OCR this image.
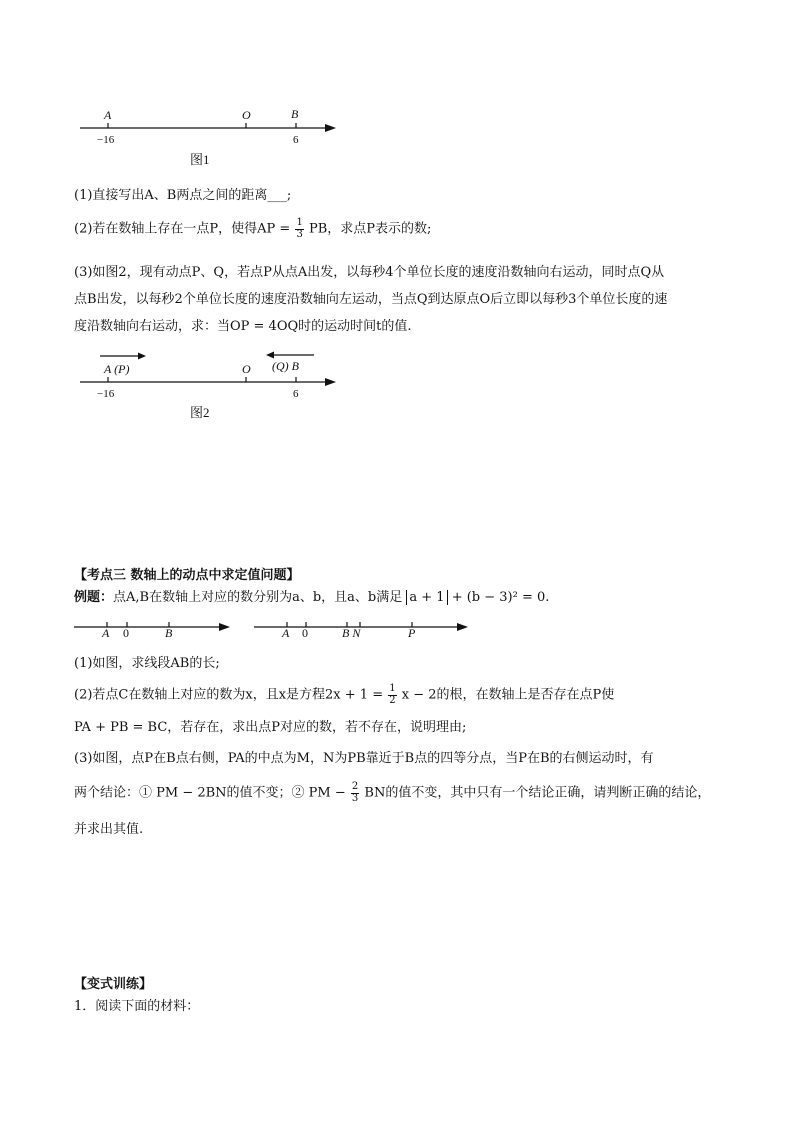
A	O	B
−16	6
图1
(1)直接写出A、B两点之间的距离___;
(2)若在数轴上存在一点P，使得AP = $\frac{1}{3}$ PB，求点P表示的数;
(3)如图2，现有动点P、Q，若点P从点A出发，以每秒4个单位长度的速度沿数轴向右运动，同时点Q从
点B出发，以每秒2个单位长度的速度沿数轴向左运动，当点Q到达原点O后立即以每秒3个单位长度的速
度沿数轴向右运动，求：当OP = 4OQ时的运动时间t的值.
A (P)	O (Q) B
−16	6
图2
【考点三 数轴上的动点中求定值问题】
例题：点A,B在数轴上对应的数分别为a、b，且a、b满足 a + 1 + (b − 3)² = 0.
A 0	B	A 0	B N	P
(1)如图，求线段AB的长;
(2)若点C在数轴上对应的数为x，且x是方程$2x + 1 = \frac{1}{2}$ x − 2的根，在数轴上是否存在点P使
PA + PB = BC，若存在，求出点P对应的数，若不存在，说明理由;
(3)如图，点P在B点右侧，PA的中点为M，N为PB靠近于B点的四等分点，当P在B的右侧运动时，有
两个结论：① PM − 2BN的值不变；② PM − $\frac{2}{3}$ BN的值不变，其中只有一个结论正确，请判断正确的结论，
并求出其值.
【变式训练】
1．阅读下面的材料：
